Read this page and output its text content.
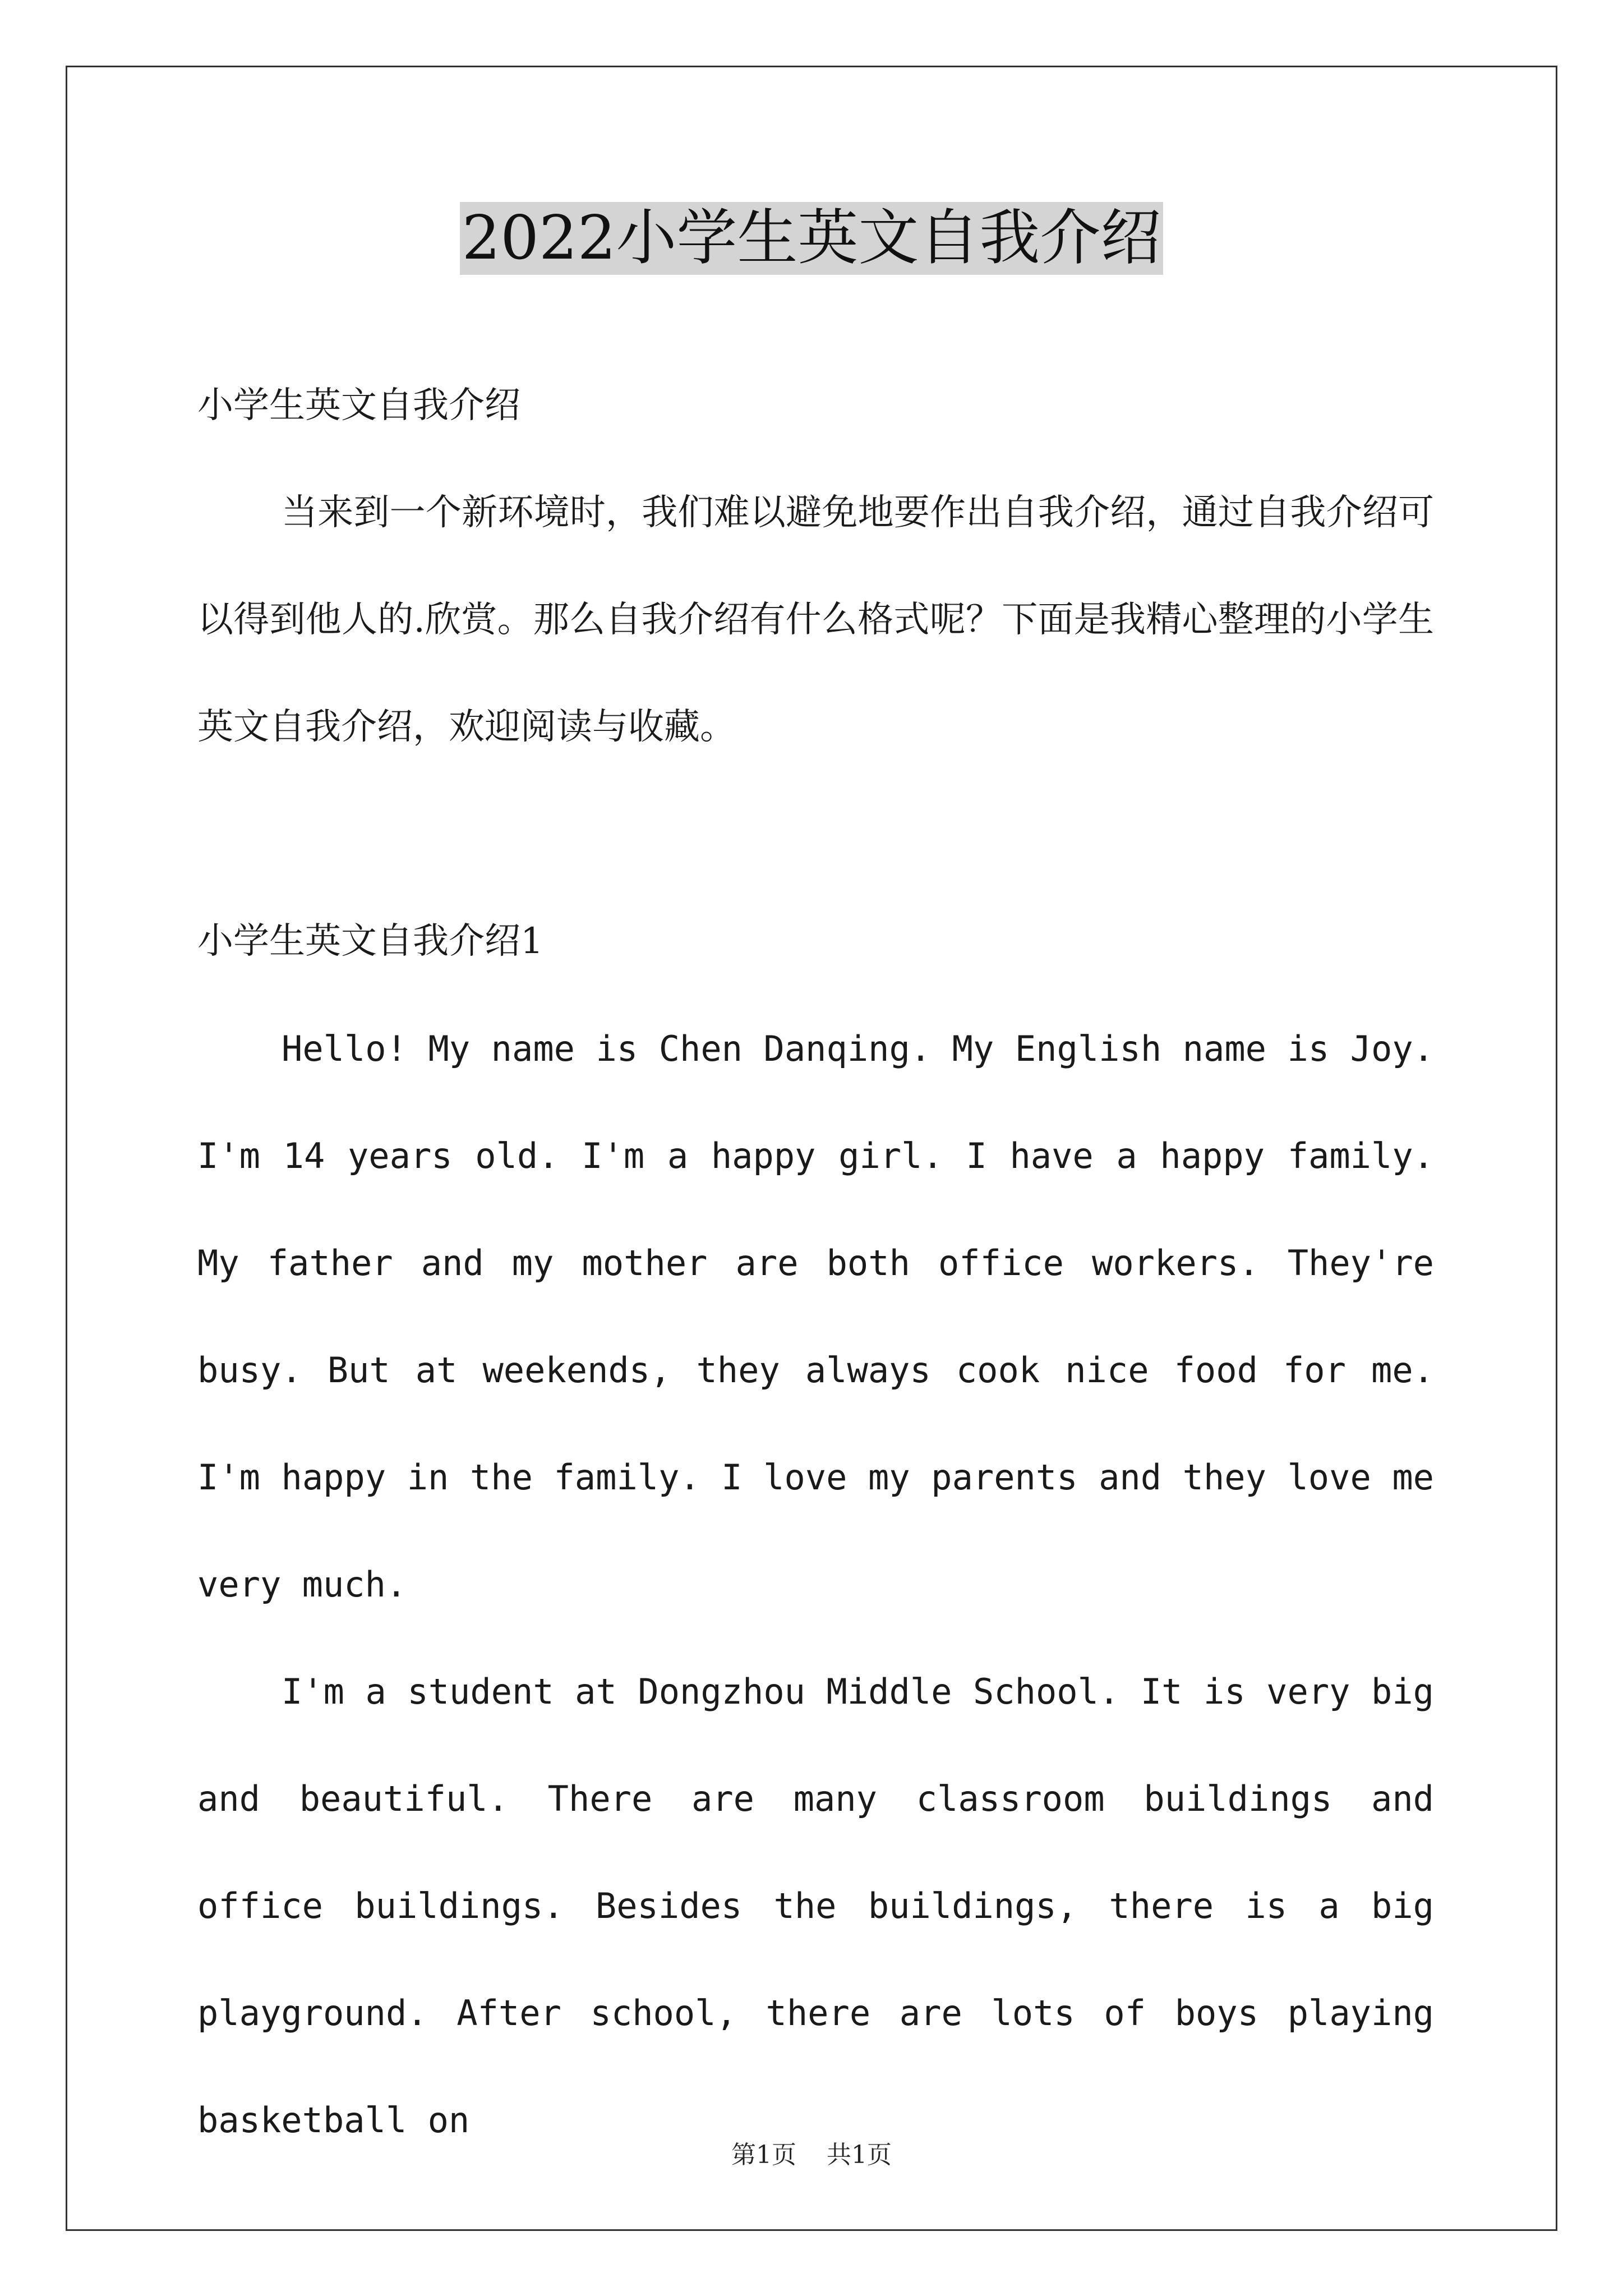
2022小学生英文自我介绍

小学生英文自我介绍

当来到一个新环境时，我们难以避免地要作出自我介绍，通过自我介绍可以得到他人的.欣赏。那么自我介绍有什么格式呢？下面是我精心整理的小学生英文自我介绍，欢迎阅读与收藏。

小学生英文自我介绍1

Hello! My name is Chen Danqing. My English name is Joy. I'm 14 years old. I'm a happy girl. I have a happy family. My father and my mother are both office workers. They're busy. But at weekends, they always cook nice food for me. I'm happy in the family. I love my parents and they love me very much.

I'm a student at Dongzhou Middle School. It is very big and beautiful. There are many classroom buildings and office buildings. Besides the buildings, there is a big playground. After school, there are lots of boys playing basketball on

第1页 共1页
